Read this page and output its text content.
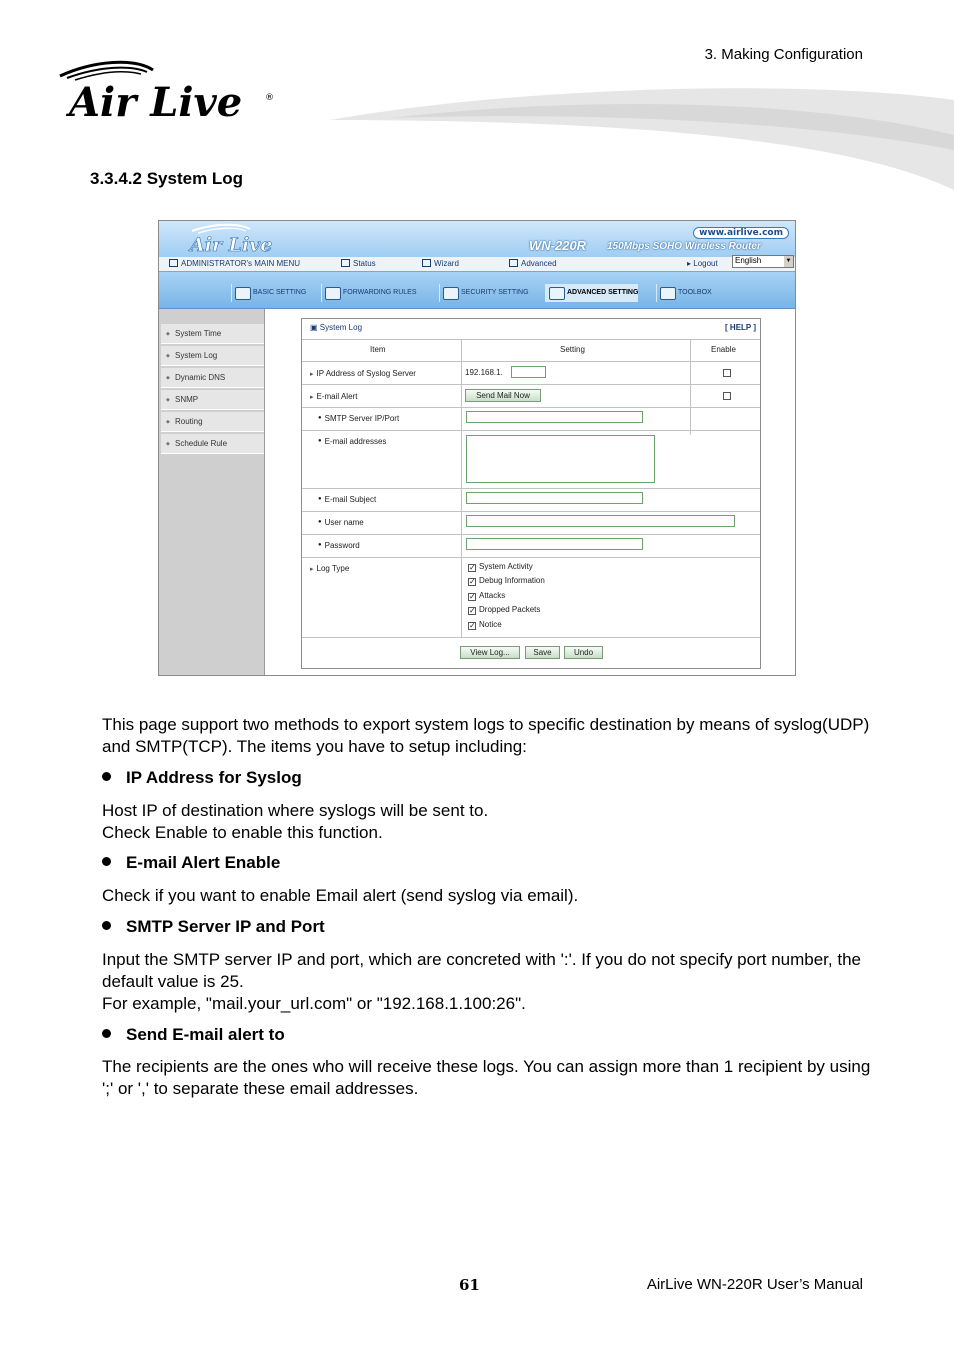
3. Making Configuration
Air Live	®
3.3.4.2 System Log
Air Live
www.airlive.com
WN-220R 150Mbps SOHO Wireless Router
ADMINISTRATOR's MAIN MENU	Status	Wizard	Advanced	▸ Logout	English	▼
BASIC SETTING	FORWARDING RULES	SECURITY SETTING	ADVANCED SETTING	TOOLBOX
◆ System Time
◆ System Log
◆ Dynamic DNS
◆ SNMP
◆ Routing
◆ Schedule Rule
▣ System Log	[ HELP ]
Item	Setting	Enable
▸ IP Address of Syslog Server	192.168.1.
▸ E-mail Alert	Send Mail Now
● SMTP Server IP/Port
● E-mail addresses
● E-mail Subject
● User name
● Password
▸ Log Type	✓ System Activity
✓ Debug Information
✓ Attacks
✓ Dropped Packets
✓ Notice
View Log...	Save	Undo
This page support two methods to export system logs to specific destination by means of syslog(UDP) and SMTP(TCP). The items you have to setup including:
IP Address for Syslog
Host IP of destination where syslogs will be sent to.
Check Enable to enable this function.
E-mail Alert Enable
Check if you want to enable Email alert (send syslog via email).
SMTP Server IP and Port
Input the SMTP server IP and port, which are concreted with ':'. If you do not specify port number, the default value is 25.
For example, "mail.your_url.com" or "192.168.1.100:26".
Send E-mail alert to
The recipients are the ones who will receive these logs. You can assign more than 1 recipient by using ';' or ',' to separate these email addresses.
61	AirLive WN-220R User’s Manual
